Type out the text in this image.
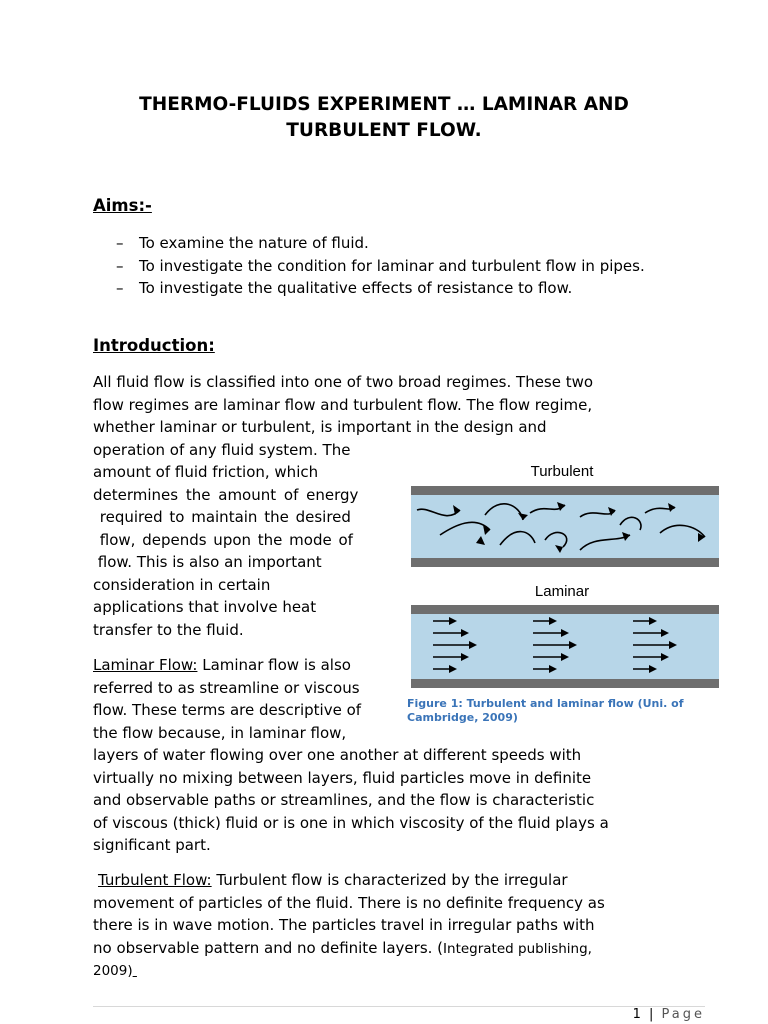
THERMO-FLUIDS EXPERIMENT … LAMINAR AND
TURBULENT FLOW.
Aims:-
– To examine the nature of fluid.
– To investigate the condition for laminar and turbulent flow in pipes.
– To investigate the qualitative effects of resistance to flow.
Introduction:
All fluid flow is classified into one of two broad regimes. These two
flow regimes are laminar flow and turbulent flow. The flow regime,
whether laminar or turbulent, is important in the design and
operation of any fluid system. The
amount of fluid friction, which
determines the amount of energy
required to maintain the desired
flow, depends upon the mode of
flow. This is also an important
consideration in certain
applications that involve heat
transfer to the fluid.
Turbulent
Laminar
Figure 1: Turbulent and laminar flow (Uni. of Cambridge, 2009)
Laminar Flow: Laminar flow is also
referred to as streamline or viscous
flow. These terms are descriptive of
the flow because, in laminar flow,
layers of water flowing over one another at different speeds with
virtually no mixing between layers, fluid particles move in definite
and observable paths or streamlines, and the flow is characteristic
of viscous (thick) fluid or is one in which viscosity of the fluid plays a
significant part.
Turbulent Flow: Turbulent flow is characterized by the irregular
movement of particles of the fluid. There is no definite frequency as
there is in wave motion. The particles travel in irregular paths with
no observable pattern and no definite layers. (Integrated publishing,
2009)
1 | Page
